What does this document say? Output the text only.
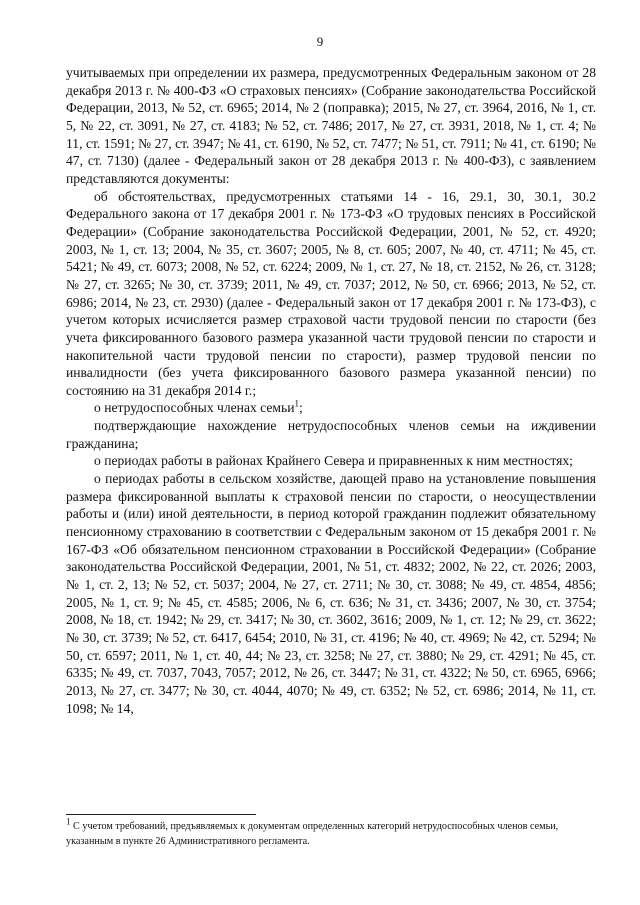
9

учитываемых при определении их размера, предусмотренных Федеральным законом от 28 декабря 2013 г. № 400-ФЗ «О страховых пенсиях» (Собрание законодательства Российской Федерации, 2013, № 52, ст. 6965; 2014, № 2 (поправка); 2015, № 27, ст. 3964, 2016, № 1, ст. 5, № 22, ст. 3091, № 27, ст. 4183; № 52, ст. 7486; 2017, № 27, ст. 3931, 2018, № 1, ст. 4; № 11, ст. 1591; № 27, ст. 3947; № 41, ст. 6190, № 52, ст. 7477; № 51, ст. 7911; № 41, ст. 6190; № 47, ст. 7130) (далее - Федеральный закон от 28 декабря 2013 г. № 400-ФЗ), с заявлением представляются документы:

об обстоятельствах, предусмотренных статьями 14 - 16, 29.1, 30, 30.1, 30.2 Федерального закона от 17 декабря 2001 г. № 173-ФЗ «О трудовых пенсиях в Российской Федерации» (Собрание законодательства Российской Федерации, 2001, № 52, ст. 4920; 2003, № 1, ст. 13; 2004, № 35, ст. 3607; 2005, № 8, ст. 605; 2007, № 40, ст. 4711; № 45, ст. 5421; № 49, ст. 6073; 2008, № 52, ст. 6224; 2009, № 1, ст. 27, № 18, ст. 2152, № 26, ст. 3128; № 27, ст. 3265; № 30, ст. 3739; 2011, № 49, ст. 7037; 2012, № 50, ст. 6966; 2013, № 52, ст. 6986; 2014, № 23, ст. 2930) (далее - Федеральный закон от 17 декабря 2001 г. № 173-ФЗ), с учетом которых исчисляется размер страховой части трудовой пенсии по старости (без учета фиксированного базового размера указанной части трудовой пенсии по старости и накопительной части трудовой пенсии по старости), размер трудовой пенсии по инвалидности (без учета фиксированного базового размера указанной пенсии) по состоянию на 31 декабря 2014 г.;

о нетрудоспособных членах семьи$^1$;

подтверждающие нахождение нетрудоспособных членов семьи на иждивении гражданина;

о периодах работы в районах Крайнего Севера и приравненных к ним местностях;

о периодах работы в сельском хозяйстве, дающей право на установление повышения размера фиксированной выплаты к страховой пенсии по старости, о неосуществлении работы и (или) иной деятельности, в период которой гражданин подлежит обязательному пенсионному страхованию в соответствии с Федеральным законом от 15 декабря 2001 г. № 167-ФЗ «Об обязательном пенсионном страховании в Российской Федерации» (Собрание законодательства Российской Федерации, 2001, № 51, ст. 4832; 2002, № 22, ст. 2026; 2003, № 1, ст. 2, 13; № 52, ст. 5037; 2004, № 27, ст. 2711; № 30, ст. 3088; № 49, ст. 4854, 4856; 2005, № 1, ст. 9; № 45, ст. 4585; 2006, № 6, ст. 636; № 31, ст. 3436; 2007, № 30, ст. 3754; 2008, № 18, ст. 1942; № 29, ст. 3417; № 30, ст. 3602, 3616; 2009, № 1, ст. 12; № 29, ст. 3622; № 30, ст. 3739; № 52, ст. 6417, 6454; 2010, № 31, ст. 4196; № 40, ст. 4969; № 42, ст. 5294; № 50, ст. 6597; 2011, № 1, ст. 40, 44; № 23, ст. 3258; № 27, ст. 3880; № 29, ст. 4291; № 45, ст. 6335; № 49, ст. 7037, 7043, 7057; 2012, № 26, ст. 3447; № 31, ст. 4322; № 50, ст. 6965, 6966; 2013, № 27, ст. 3477; № 30, ст. 4044, 4070; № 49, ст. 6352; № 52, ст. 6986; 2014, № 11, ст. 1098; № 14,

$^1$ С учетом требований, предъявляемых к документам определенных категорий нетрудоспособных членов семьи, указанным в пункте 26 Административного регламента.
